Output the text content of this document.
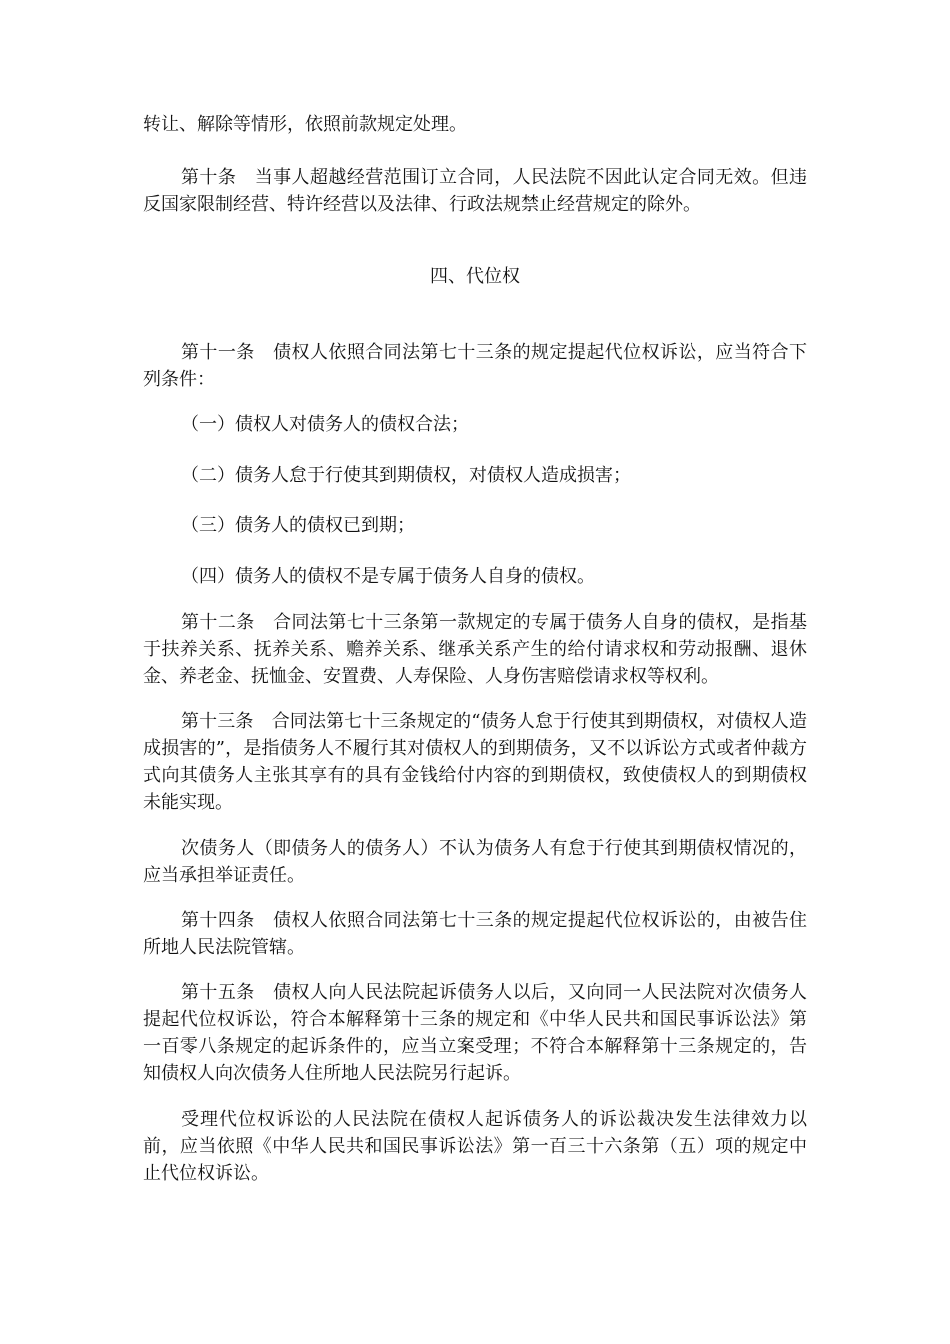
转让、解除等情形，依照前款规定处理。

第十条　当事人超越经营范围订立合同，人民法院不因此认定合同无效。但违反国家限制经营、特许经营以及法律、行政法规禁止经营规定的除外。

四、代位权

第十一条　债权人依照合同法第七十三条的规定提起代位权诉讼，应当符合下列条件：

（一）债权人对债务人的债权合法；

（二）债务人怠于行使其到期债权，对债权人造成损害；

（三）债务人的债权已到期；

（四）债务人的债权不是专属于债务人自身的债权。

第十二条　合同法第七十三条第一款规定的专属于债务人自身的债权，是指基于扶养关系、抚养关系、赡养关系、继承关系产生的给付请求权和劳动报酬、退休金、养老金、抚恤金、安置费、人寿保险、人身伤害赔偿请求权等权利。

第十三条　合同法第七十三条规定的“债务人怠于行使其到期债权，对债权人造成损害的”，是指债务人不履行其对债权人的到期债务，又不以诉讼方式或者仲裁方式向其债务人主张其享有的具有金钱给付内容的到期债权，致使债权人的到期债权未能实现。

次债务人（即债务人的债务人）不认为债务人有怠于行使其到期债权情况的，应当承担举证责任。

第十四条　债权人依照合同法第七十三条的规定提起代位权诉讼的，由被告住所地人民法院管辖。

第十五条　债权人向人民法院起诉债务人以后，又向同一人民法院对次债务人提起代位权诉讼，符合本解释第十三条的规定和《中华人民共和国民事诉讼法》第一百零八条规定的起诉条件的，应当立案受理；不符合本解释第十三条规定的，告知债权人向次债务人住所地人民法院另行起诉。

受理代位权诉讼的人民法院在债权人起诉债务人的诉讼裁决发生法律效力以前，应当依照《中华人民共和国民事诉讼法》第一百三十六条第（五）项的规定中止代位权诉讼。
